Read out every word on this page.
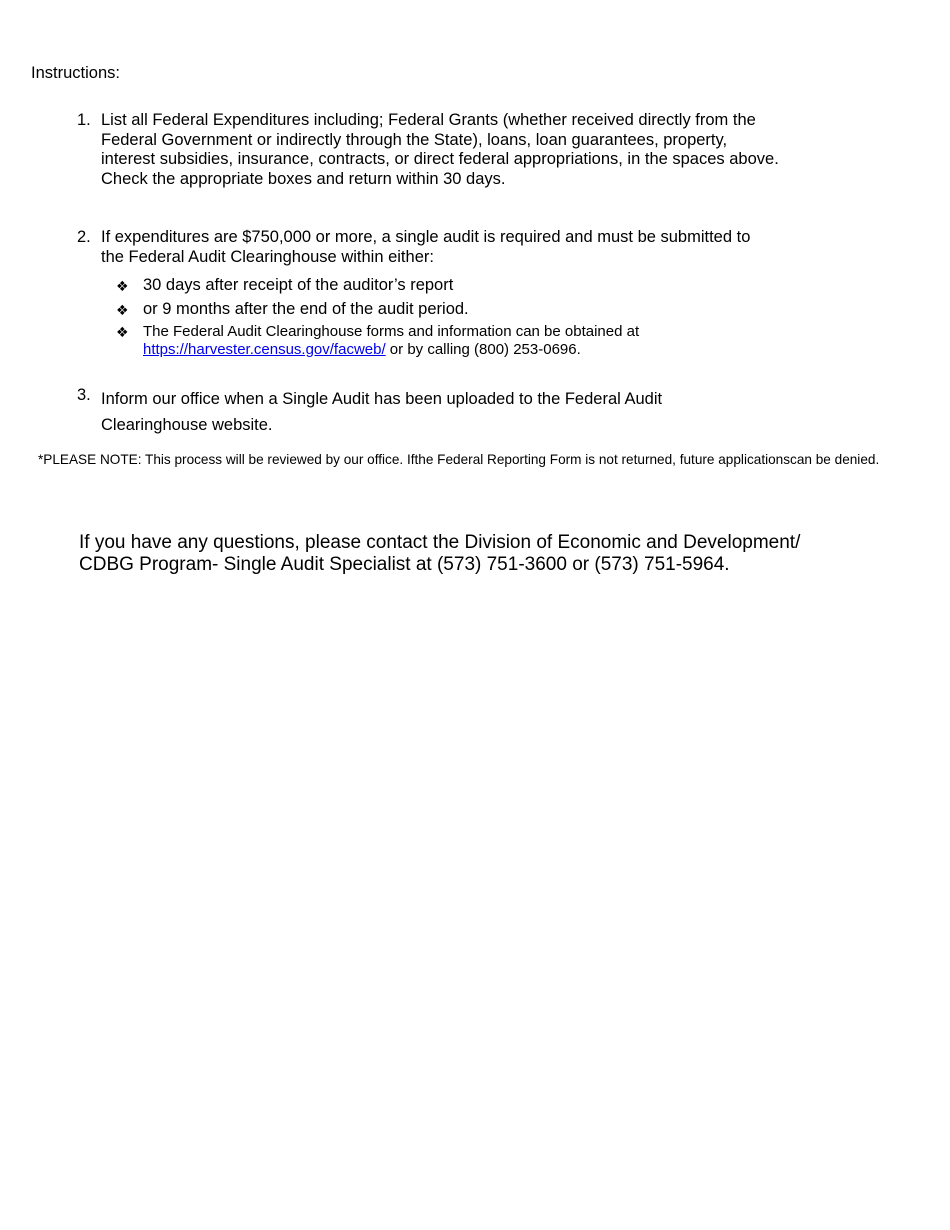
Instructions:
1. List all Federal Expenditures including; Federal Grants (whether received directly from the
Federal Government or indirectly through the State), loans, loan guarantees, property,
interest subsidies, insurance, contracts, or direct federal appropriations, in the spaces above.
Check the appropriate boxes and return within 30 days.
2. If expenditures are $750,000 or more, a single audit is required and must be submitted to
the Federal Audit Clearinghouse within either:
❖ 30 days after receipt of the auditor’s report
❖ or 9 months after the end of the audit period.
❖ The Federal Audit Clearinghouse forms and information can be obtained at
https://harvester.census.gov/facweb/ or by calling (800) 253-0696.
3. Inform our office when a Single Audit has been uploaded to the Federal Audit
Clearinghouse website.
*PLEASE NOTE: This process will be reviewed by our office. Ifthe Federal Reporting Form is not returned, future applicationscan be denied.
If you have any questions, please contact the Division of Economic and Development/
CDBG Program- Single Audit Specialist at (573) 751-3600 or (573) 751-5964.
